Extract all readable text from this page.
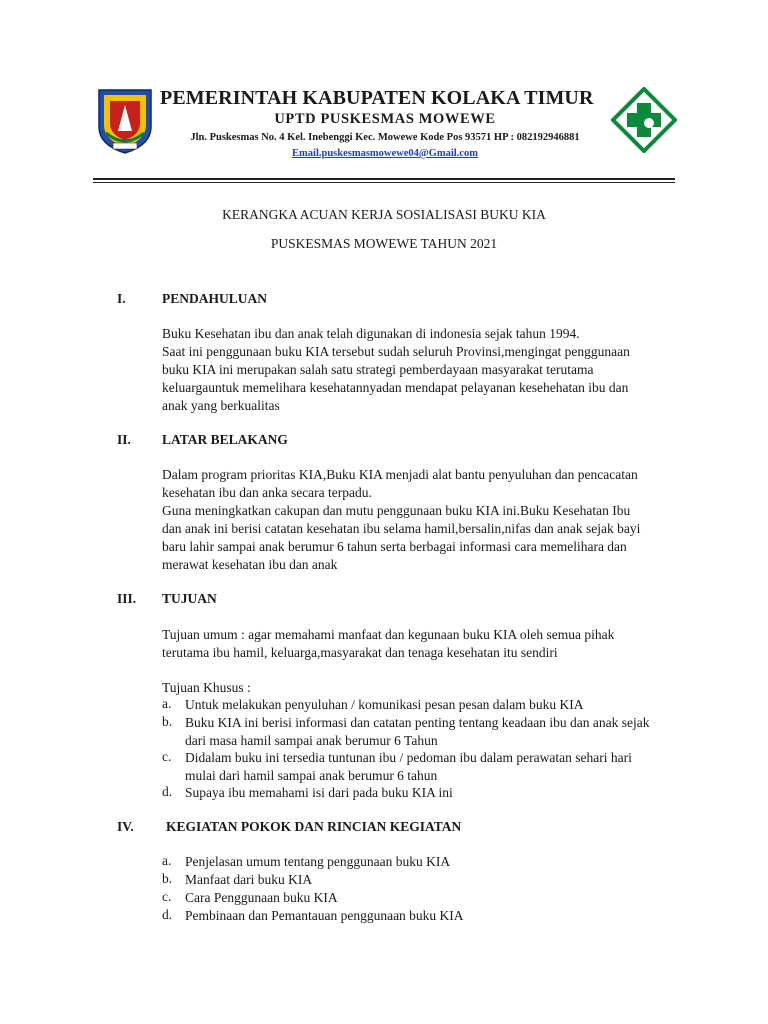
PEMERINTAH KABUPATEN KOLAKA TIMUR
UPTD PUSKESMAS MOWEWE
Jln. Puskesmas No. 4 Kel. Inebenggi Kec. Mowewe Kode Pos 93571 HP : 082192946881
Email.puskesmasmowewe04@Gmail.com
KERANGKA ACUAN KERJA SOSIALISASI BUKU KIA
PUSKESMAS MOWEWE TAHUN 2021
I.	PENDAHULUAN
Buku Kesehatan ibu dan anak telah digunakan di indonesia sejak tahun 1994.
Saat ini penggunaan buku KIA tersebut sudah seluruh Provinsi,mengingat penggunaan
buku KIA ini merupakan salah satu strategi pemberdayaan masyarakat terutama
keluargauntuk memelihara kesehatannyadan mendapat pelayanan kesehehatan ibu dan
anak yang berkualitas
II. LATAR BELAKANG
Dalam program prioritas KIA,Buku KIA menjadi alat bantu penyuluhan dan pencacatan
kesehatan ibu dan anka secara terpadu.
Guna meningkatkan cakupan dan mutu penggunaan buku KIA ini.Buku Kesehatan Ibu
dan anak ini berisi catatan kesehatan ibu selama hamil,bersalin,nifas dan anak sejak bayi
baru lahir sampai anak berumur 6 tahun serta berbagai informasi cara memelihara dan
merawat kesehatan ibu dan anak
III. TUJUAN
Tujuan umum : agar memahami manfaat dan kegunaan buku KIA oleh semua pihak
terutama ibu hamil, keluarga,masyarakat dan tenaga kesehatan itu sendiri
Tujuan Khusus :
a. Untuk melakukan penyuluhan / komunikasi pesan pesan dalam buku KIA
b. Buku KIA ini berisi informasi dan catatan penting tentang keadaan ibu dan anak sejak
dari masa hamil sampai anak berumur 6 Tahun
c. Didalam buku ini tersedia tuntunan ibu / pedoman ibu dalam perawatan sehari hari
mulai dari hamil sampai anak berumur 6 tahun
d. Supaya ibu memahami isi dari pada buku KIA ini
IV. KEGIATAN POKOK DAN RINCIAN KEGIATAN
a. Penjelasan umum tentang penggunaan buku KIA
b. Manfaat dari buku KIA
c. Cara Penggunaan buku KIA
d. Pembinaan dan Pemantauan penggunaan buku KIA
